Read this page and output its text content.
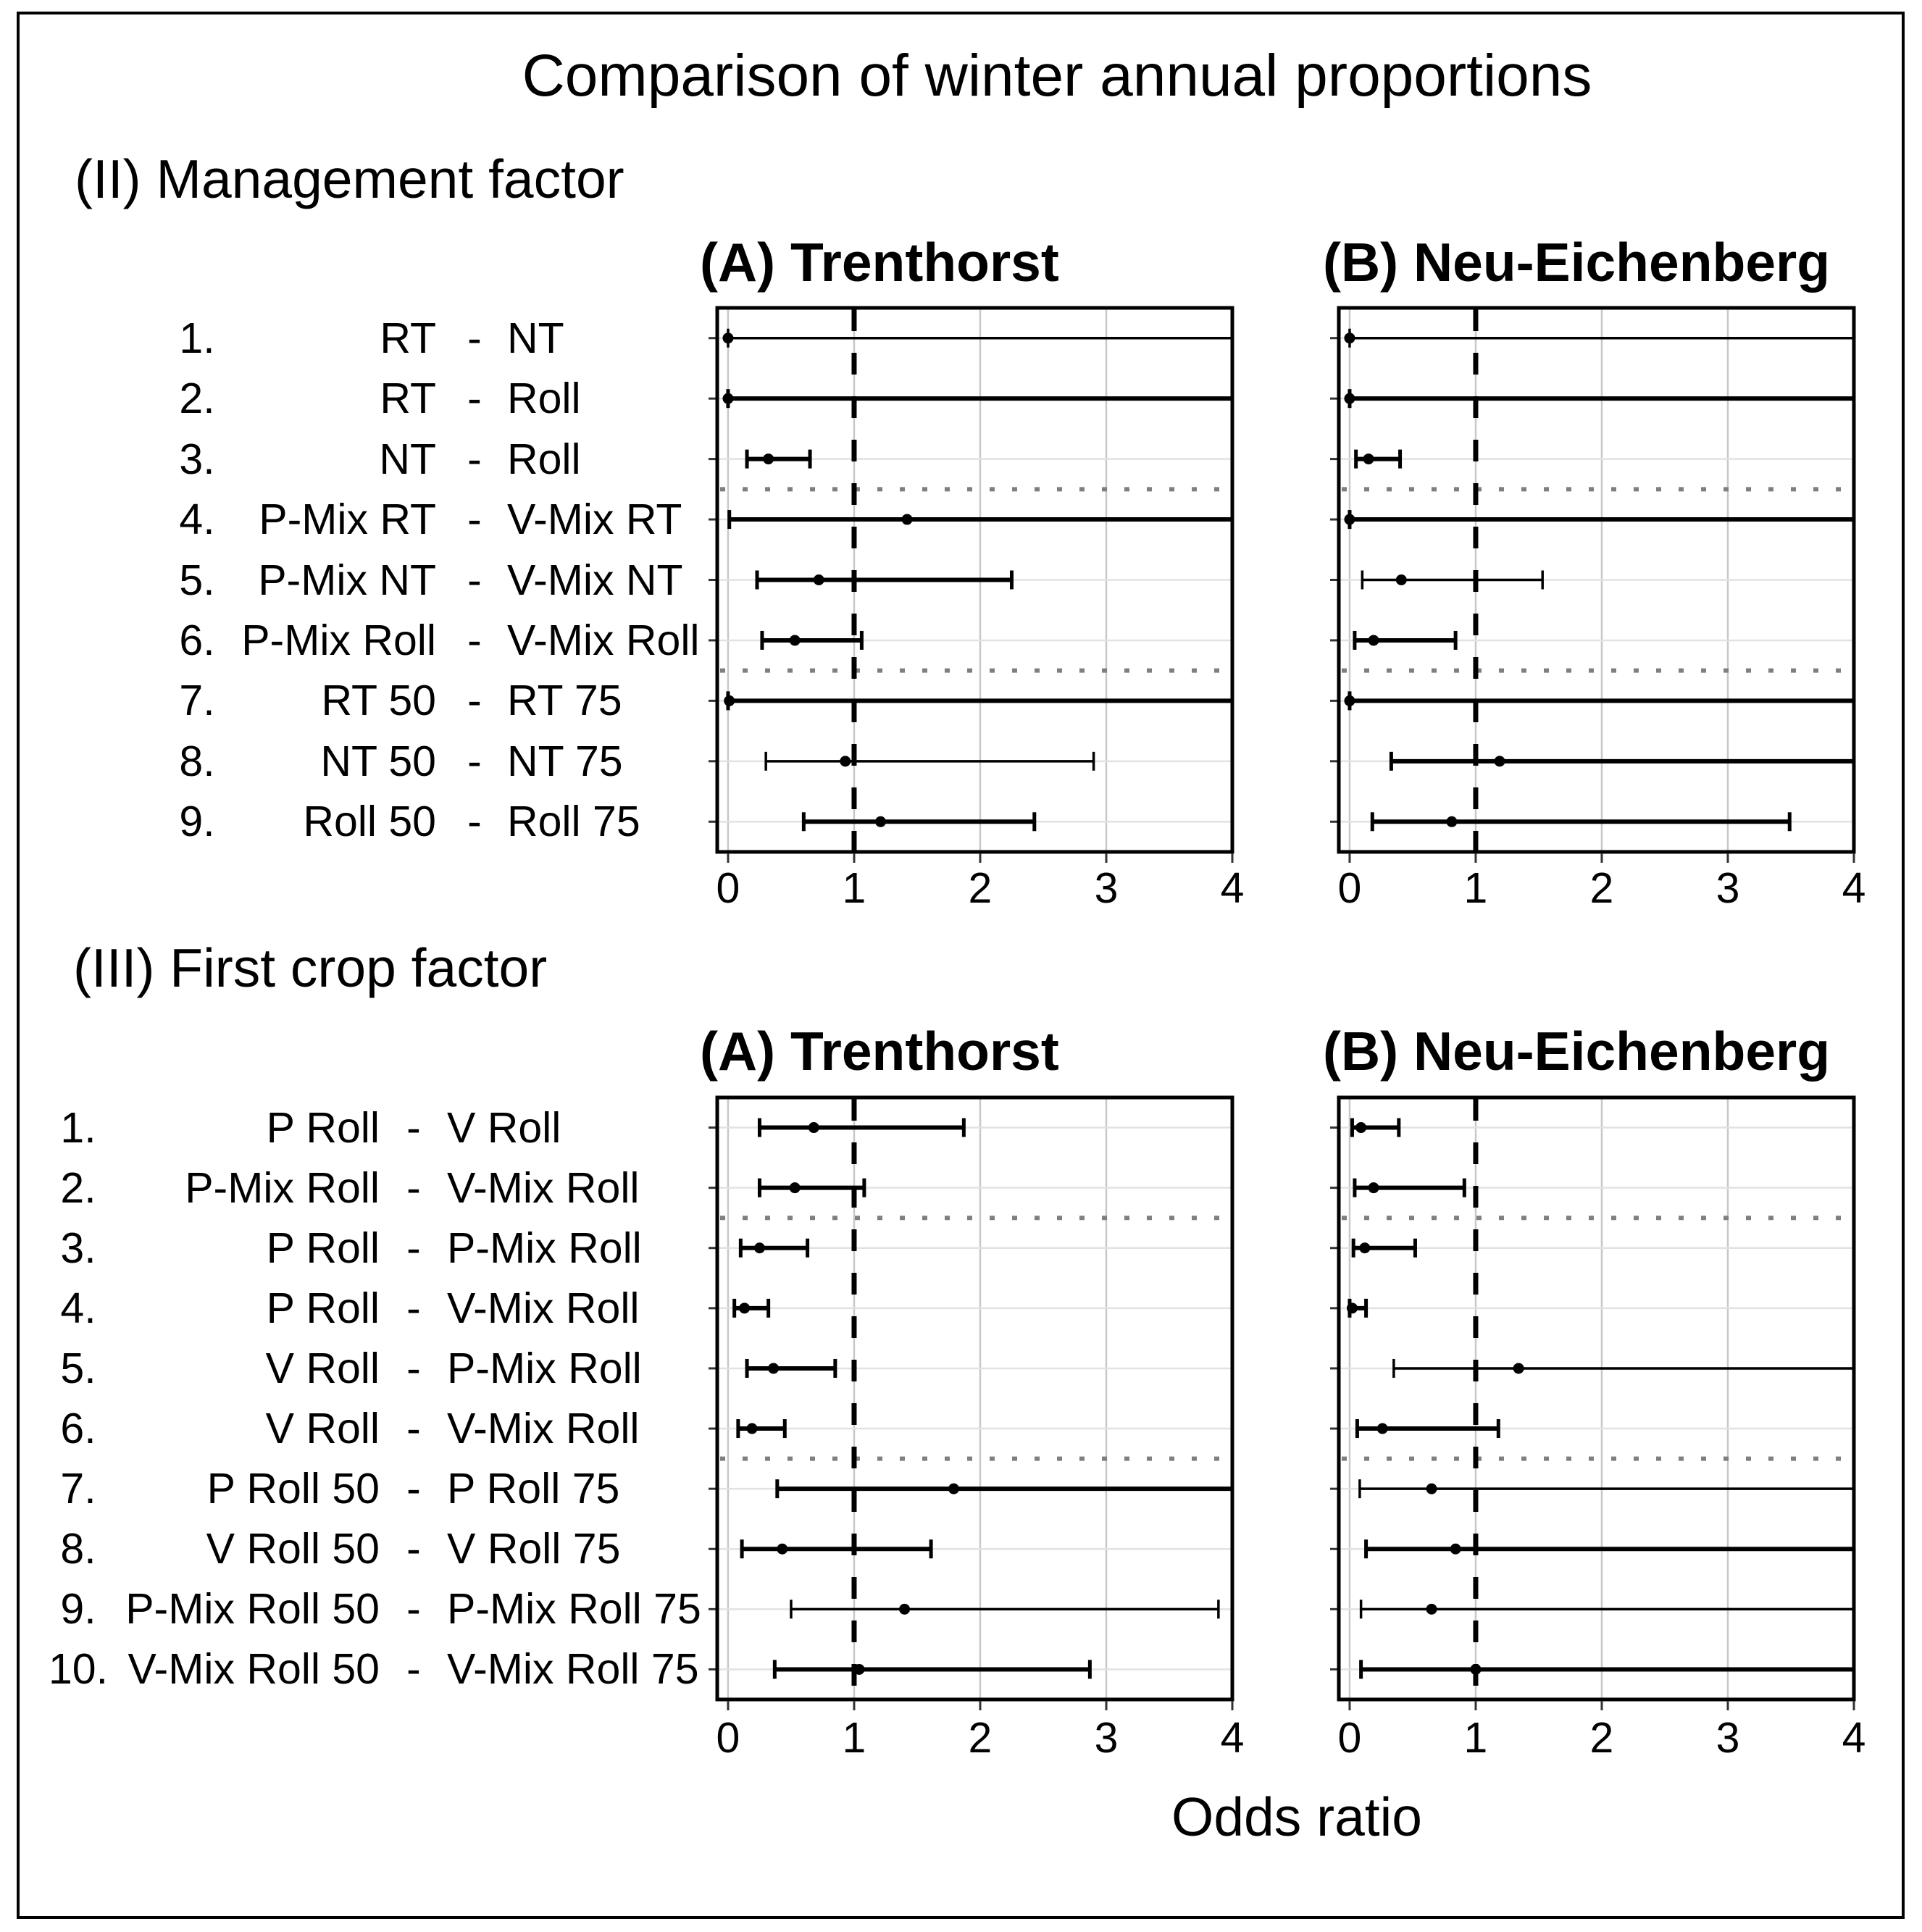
Comparison of winter annual proportions
(II) Management factor
(III) First crop factor
(A) Trenthorst	(B) Neu-Eichenberg
(A) Trenthorst	(B) Neu-Eichenberg
1.	RT - NT
2.	RT - Roll
3.	NT - Roll
4.	P-Mix RT - V-Mix RT
5.	P-Mix NT - V-Mix NT
6. P-Mix Roll - V-Mix Roll
7.	RT 50 - RT 75
8.	NT 50 - NT 75
9.	Roll 50 - Roll 75
1.	P Roll - V Roll
2.	P-Mix Roll - V-Mix Roll
3.	P Roll - P-Mix Roll
4.	P Roll - V-Mix Roll
5.	V Roll - P-Mix Roll
6.	V Roll - V-Mix Roll
7.	P Roll 50 - P Roll 75
8.	V Roll 50 - V Roll 75
9. P-Mix Roll 50 - P-Mix Roll 75
10. V-Mix Roll 50 - V-Mix Roll 75
0	1	2	3	4	0	1	2	3	4
0	1	2	3	4	0	1	2	3	4
Odds ratio
